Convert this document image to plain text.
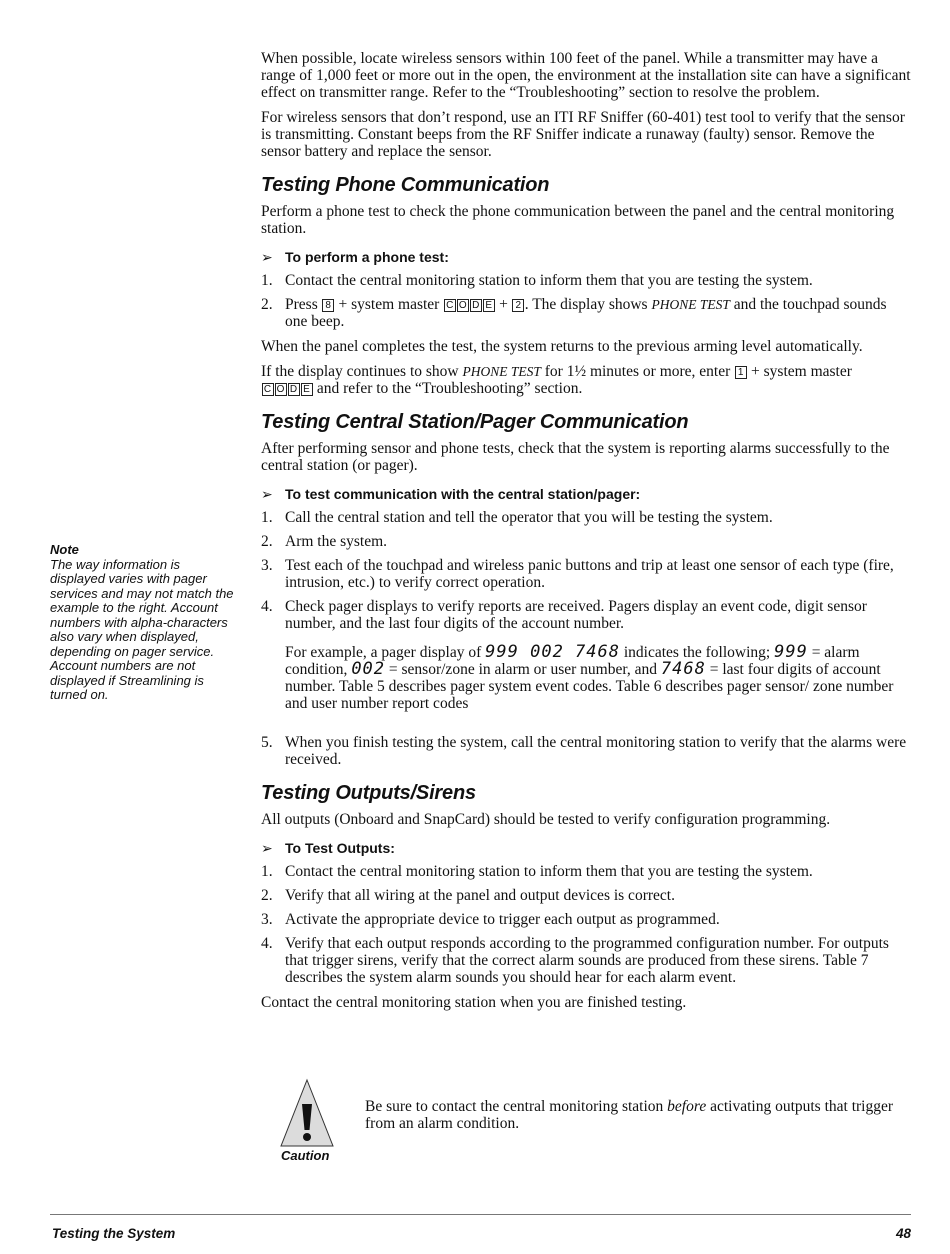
When possible, locate wireless sensors within 100 feet of the panel. While a transmitter may have a range of 1,000 feet or more out in the open, the environment at the installation site can have a significant effect on transmitter range. Refer to the “Troubleshooting” section to resolve the problem.

For wireless sensors that don’t respond, use an ITI RF Sniffer (60-401) test tool to verify that the sensor is transmitting. Constant beeps from the RF Sniffer indicate a runaway (faulty) sensor. Remove the sensor battery and replace the sensor.

Testing Phone Communication

Perform a phone test to check the phone communication between the panel and the central monitoring station.

➢ To perform a phone test:
1. Contact the central monitoring station to inform them that you are testing the system.
2. Press 8 + system master C O D E + 2 . The display shows PHONE TEST and the touchpad sounds one beep.

When the panel completes the test, the system returns to the previous arming level automatically.

If the display continues to show PHONE TEST for 1½ minutes or more, enter 1 + system master
C O D E and refer to the “Troubleshooting” section.

Testing Central Station/Pager Communication

After performing sensor and phone tests, check that the system is reporting alarms successfully to the central station (or pager).

➢ To test communication with the central station/pager:
1. Call the central station and tell the operator that you will be testing the system.
2. Arm the system.
3. Test each of the touchpad and wireless panic buttons and trip at least one sensor of each type (fire, intrusion, etc.) to verify correct operation.
4. Check pager displays to verify reports are received. Pagers display an event code, digit sensor number, and the last four digits of the account number.
For example, a pager display of 999 002 7468 indicates the following; 999 = alarm condition, 002 = sensor/zone in alarm or user number, and 7468 = last four digits of account number. Table 5 describes pager system event codes. Table 6 describes pager sensor/ zone number and user number report codes
5. When you finish testing the system, call the central monitoring station to verify that the alarms were received.
Testing Outputs/Sirens

All outputs (Onboard and SnapCard) should be tested to verify configuration programming.

➢ To Test Outputs:
1. Contact the central monitoring station to inform them that you are testing the system.
2. Verify that all wiring at the panel and output devices is correct.
3. Activate the appropriate device to trigger each output as programmed.
4. Verify that each output responds according to the programmed configuration number. For outputs that trigger sirens, verify that the correct alarm sounds are produced from these sirens. Table 7 describes the system alarm sounds you should hear for each alarm event.

Contact the central monitoring station when you are finished testing.

Note
The way information is displayed varies with pager services and may not match the example to the right. Account numbers with alpha-characters also vary when displayed, depending on pager service. Account numbers are not displayed if Streamlining is turned on.
Caution
Be sure to contact the central monitoring station before activating outputs that trigger from an alarm condition.
Testing the System	48
